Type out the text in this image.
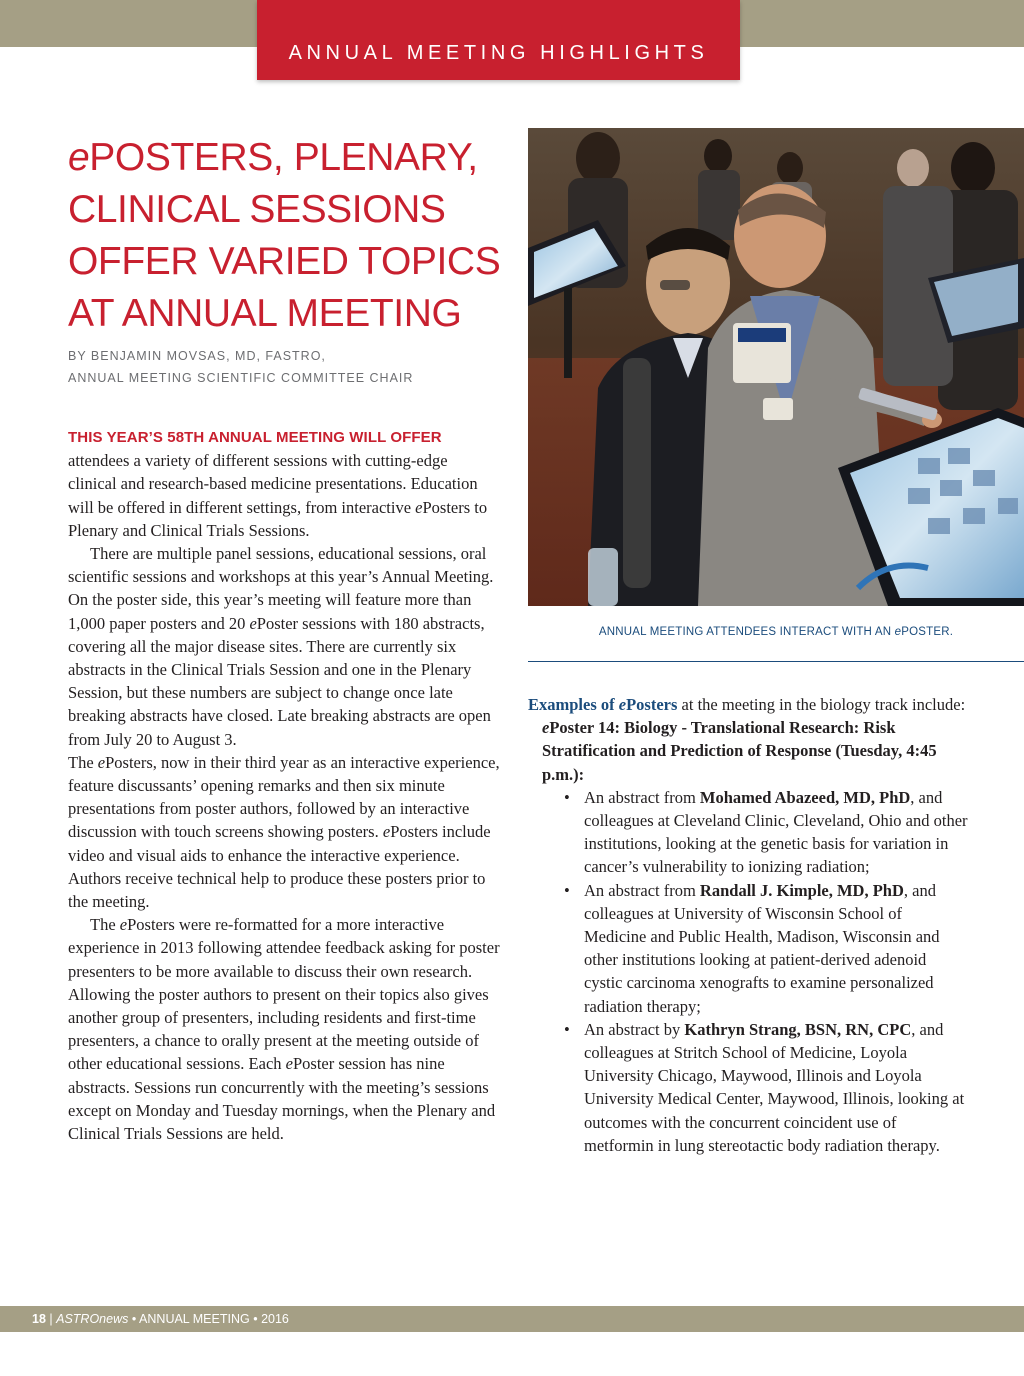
ANNUAL MEETING HIGHLIGHTS
ePOSTERS, PLENARY, CLINICAL SESSIONS OFFER VARIED TOPICS AT ANNUAL MEETING
BY BENJAMIN MOVSAS, MD, FASTRO,
ANNUAL MEETING SCIENTIFIC COMMITTEE CHAIR

THIS YEAR’S 58TH ANNUAL MEETING WILL OFFER attendees a variety of different sessions with cutting-edge clinical and research-based medicine presentations. Education will be offered in different settings, from interactive ePosters to Plenary and Clinical Trials Sessions.

There are multiple panel sessions, educational sessions, oral scientific sessions and workshops at this year’s Annual Meeting. On the poster side, this year’s meeting will feature more than 1,000 paper posters and 20 ePoster sessions with 180 abstracts, covering all the major disease sites. There are currently six abstracts in the Clinical Trials Session and one in the Plenary Session, but these numbers are subject to change once late breaking abstracts have closed. Late breaking abstracts are open from July 20 to August 3.

The ePosters, now in their third year as an interactive experience, feature discussants’ opening remarks and then six minute presentations from poster authors, followed by an interactive discussion with touch screens showing posters. ePosters include video and visual aids to enhance the interactive experience. Authors receive technical help to produce these posters prior to the meeting.

The ePosters were re-formatted for a more interactive experience in 2013 following attendee feedback asking for poster presenters to be more available to discuss their own research. Allowing the poster authors to present on their topics also gives another group of presenters, including residents and first-time presenters, a chance to orally present at the meeting outside of other educational sessions. Each ePoster session has nine abstracts. Sessions run concurrently with the meeting’s sessions except on Monday and Tuesday mornings, when the Plenary and Clinical Trials Sessions are held.

ANNUAL MEETING ATTENDEES INTERACT WITH AN ePOSTER.

Examples of ePosters at the meeting in the biology track include:

ePoster 14: Biology - Translational Research: Risk Stratification and Prediction of Response (Tuesday, 4:45 p.m.):

• An abstract from Mohamed Abazeed, MD, PhD, and colleagues at Cleveland Clinic, Cleveland, Ohio and other institutions, looking at the genetic basis for variation in cancer’s vulnerability to ionizing radiation;
• An abstract from Randall J. Kimple, MD, PhD, and colleagues at University of Wisconsin School of Medicine and Public Health, Madison, Wisconsin and other institutions looking at patient-derived adenoid cystic carcinoma xenografts to examine personalized radiation therapy;
• An abstract by Kathryn Strang, BSN, RN, CPC, and colleagues at Stritch School of Medicine, Loyola University Chicago, Maywood, Illinois and Loyola University Medical Center, Maywood, Illinois, looking at outcomes with the concurrent coincident use of metformin in lung stereotactic body radiation therapy.
18 | ASTROnews • ANNUAL MEETING • 2016
